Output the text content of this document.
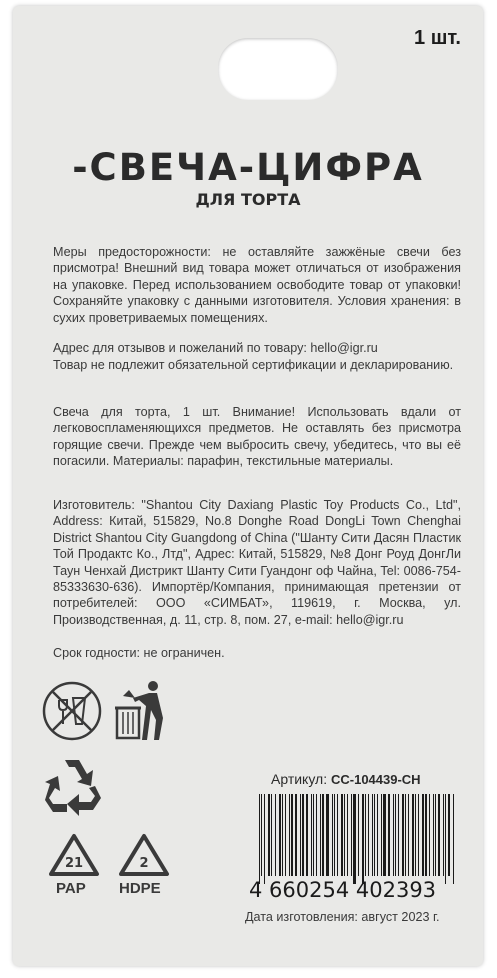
1 шт.
-СВЕЧА-ЦИФРА
ДЛЯ ТОРТА
Меры предосторожности: не оставляйте зажжёные свечи без присмотра! Внешний вид товара может отличаться от изображения на упаковке. Перед использованием освободите товар от упаковки! Сохраняйте упаковку с данными изготовителя. Условия хранения: в сухих проветриваемых помещениях.
Адрес для отзывов и пожеланий по товару: hello@igr.ru
Товар не подлежит обязательной сертификации и декларированию.
Свеча для торта, 1 шт. Внимание! Использовать вдали от легковоспламеняющихся предметов. Не оставлять без присмотра горящие свечи. Прежде чем выбросить свечу, убедитесь, что вы её погасили. Материалы: парафин, текстильные материалы.
Изготовитель: "Shantou City Daxiang Plastic Toy Products Co., Ltd", Address: Китай, 515829, No.8 Donghe Road DongLi Town Chenghai District Shantou City Guangdong of China ("Шанту Сити Дасян Пластик Той Продактс Ко., Лтд", Адрес: Китай, 515829, №8 Донг Роуд ДонгЛи Таун Ченхай Дистрикт Шанту Сити Гуандонг оф Чайна, Tel: 0086-754-85333630-636). Импортёр/Компания, принимающая претензии от потребителей: ООО «СИМБАТ», 119619, г. Москва, ул. Производственная, д. 11, стр. 8, пом. 27, e-mail: hello@igr.ru
Срок годности: не ограничен.
21
PAP
2
HDPE
Артикул: СС-104439-СН
4 660254 402393
Дата изготовления: август 2023 г.
